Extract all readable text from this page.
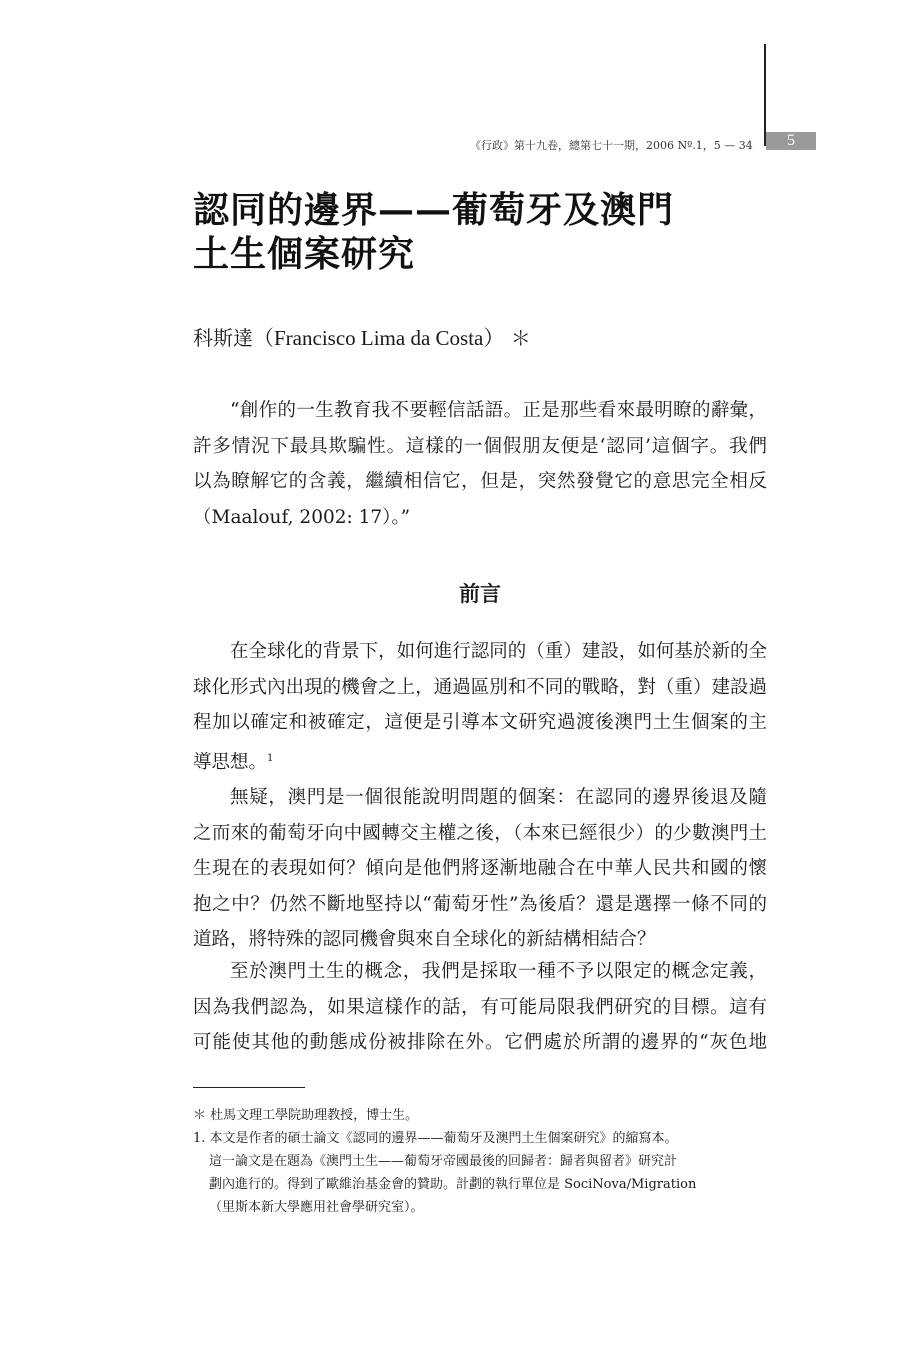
《行政》第十九卷，總第七十一期，2006 Nº.1，5 — 34	5
認同的邊界——葡萄牙及澳門
土生個案研究
科斯達（Francisco Lima da Costa） ＊
“創作的一生教育我不要輕信話語。正是那些看來最明瞭的辭彙，
許多情況下最具欺騙性。這樣的一個假朋友便是‘認同’這個字。我們
以為瞭解它的含義，繼續相信它，但是，突然發覺它的意思完全相反
（Maalouf, 2002: 17）。”
前言
在全球化的背景下，如何進行認同的（重）建設，如何基於新的全
球化形式內出現的機會之上，通過區別和不同的戰略，對（重）建設過
程加以確定和被確定，這便是引導本文研究過渡後澳門土生個案的主
導思想。$^1$
無疑，澳門是一個很能說明問題的個案：在認同的邊界後退及隨
之而來的葡萄牙向中國轉交主權之後，（本來已經很少）的少數澳門土
生現在的表現如何？傾向是他們將逐漸地融合在中華人民共和國的懷
抱之中？仍然不斷地堅持以“葡萄牙性”為後盾？還是選擇一條不同的
道路，將特殊的認同機會與來自全球化的新結構相結合？
至於澳門土生的概念，我們是採取一種不予以限定的概念定義，
因為我們認為，如果這樣作的話，有可能局限我們研究的目標。這有
可能使其他的動態成份被排除在外。它們處於所謂的邊界的“灰色地
＊ 杜馬文理工學院助理教授，博士生。
1. 本文是作者的碩士論文《認同的邊界——葡萄牙及澳門土生個案研究》的縮寫本。
這一論文是在題為《澳門土生——葡萄牙帝國最後的回歸者：歸者與留者》研究計
劃內進行的。得到了歐維治基金會的贊助。計劃的執行單位是 SociNova/Migration
（里斯本新大學應用社會學研究室）。
